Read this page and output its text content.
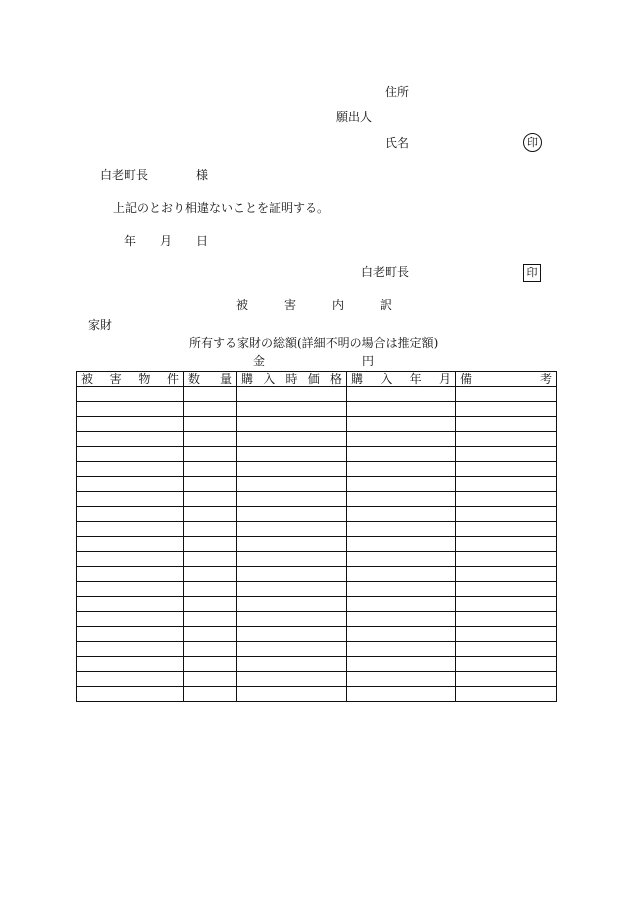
住所
願出人
氏名	印
白老町長	様
上記のとおり相違ないことを証明する。
年 月 日
白老町長	印
被	害	内	訳
家財
所有する家財の総額(詳細不明の場合は推定額)
金	円
被 害 物 件	数 量	購 入 時 価 格	購 入 年 月	備 考
